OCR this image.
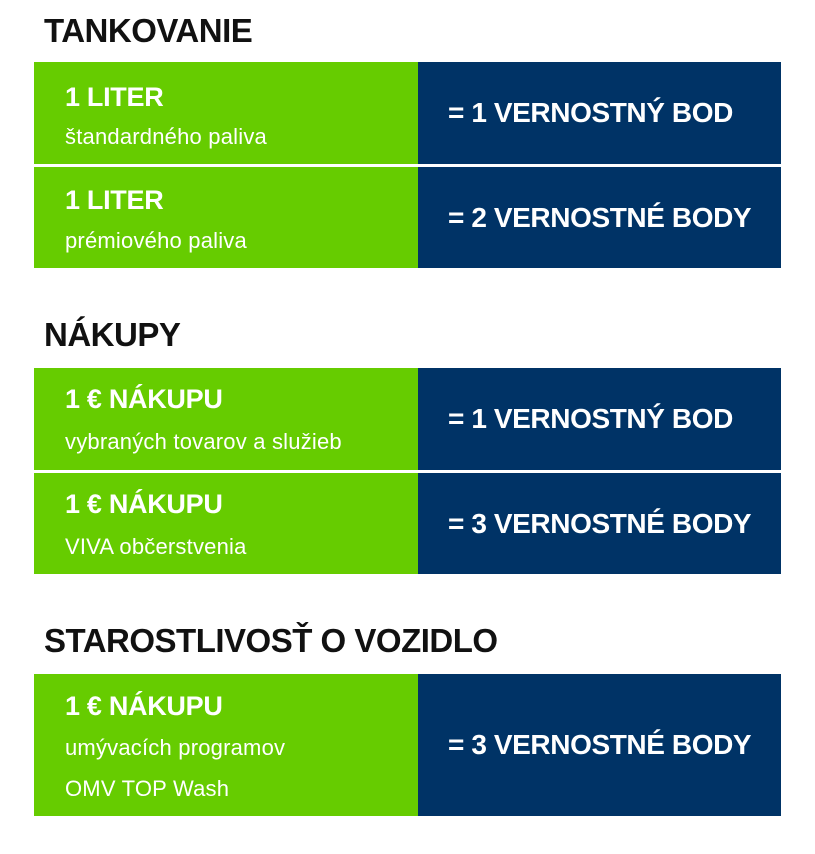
TANKOVANIE
1 LITER
štandardného paliva
= 1 VERNOSTNÝ BOD
1 LITER
prémiového paliva
= 2 VERNOSTNÉ BODY
NÁKUPY
1 € NÁKUPU
vybraných tovarov a služieb
= 1 VERNOSTNÝ BOD
1 € NÁKUPU
VIVA občerstvenia
= 3 VERNOSTNÉ BODY
STAROSTLIVOSŤ O VOZIDLO
1 € NÁKUPU
umývacích programov
OMV TOP Wash
= 3 VERNOSTNÉ BODY
